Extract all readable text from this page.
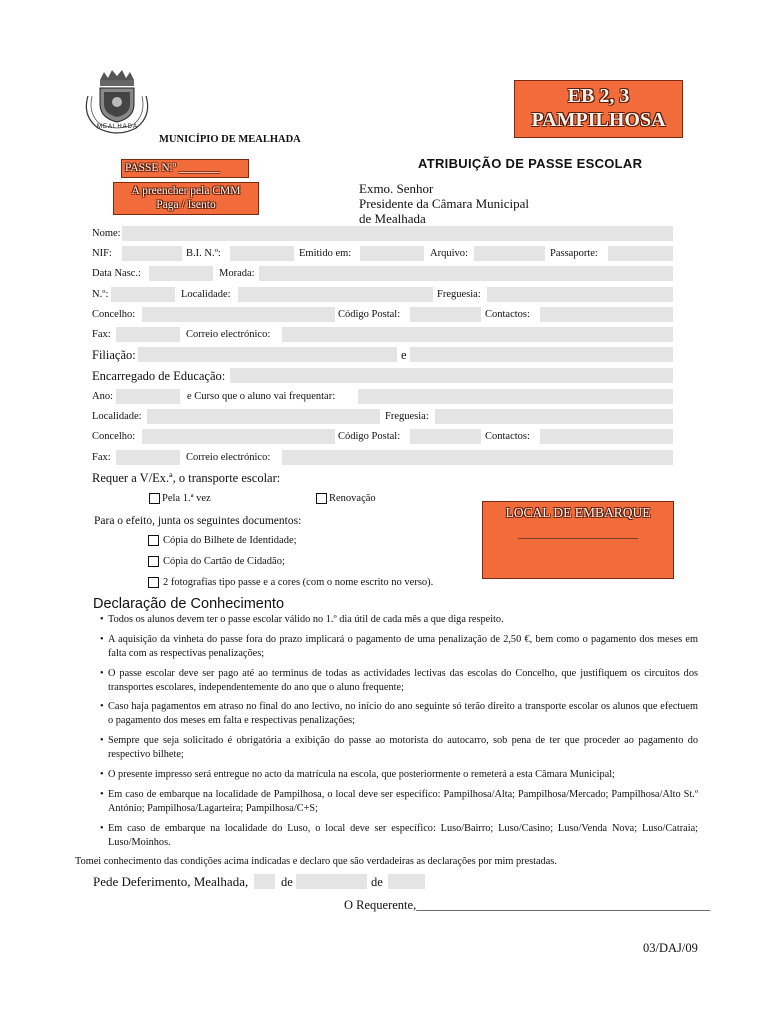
MEALHADA
MUNICÍPIO DE MEALHADA
EB 2, 3
PAMPILHOSA
ATRIBUIÇÃO DE PASSE ESCOLAR
PASSE N.º _______
A preencher pela CMM
Paga / Isento
Exmo. Senhor
Presidente da Câmara Municipal
de Mealhada
Nome:
NIF:	B.I. N.º:	Emitido em:	Arquivo:	Passaporte:
Data Nasc.:	Morada:
N.º:	Localidade:	Freguesia:
Concelho:	Código Postal:	Contactos:
Fax:	Correio electrónico:
Filiação:	e
Encarregado de Educação:
Ano:	e Curso que o aluno vai frequentar:
Localidade:	Freguesia:
Concelho:	Código Postal:	Contactos:
Fax:	Correio electrónico:
Requer a V/Ex.ª, o transporte escolar:
Pela 1.ª vez	Renovação
Para o efeito, junta os seguintes documentos:
Cópia do Bilhete de Identidade;
Cópia do Cartão de Cidadão;
2 fotografias tipo passe e a cores (com o nome escrito no verso).
LOCAL DE EMBARQUE
____________________
Declaração de Conhecimento
• Todos os alunos devem ter o passe escolar válido no 1.º dia útil de cada mês a que diga respeito.
• A aquisição da vinheta do passe fora do prazo implicará o pagamento de uma penalização de 2,50 €, bem como o pagamento dos meses em falta com as respectivas penalizações;
• O passe escolar deve ser pago até ao terminus de todas as actividades lectivas das escolas do Concelho, que justifiquem os circuitos dos transportes escolares, independentemente do ano que o aluno frequente;
• Caso haja pagamentos em atraso no final do ano lectivo, no início do ano seguinte só terão direito a transporte escolar os alunos que efectuem o pagamento dos meses em falta e respectivas penalizações;
• Sempre que seja solicitado é obrigatória a exibição do passe ao motorista do autocarro, sob pena de ter que proceder ao pagamento do respectivo bilhete;
• O presente impresso será entregue no acto da matrícula na escola, que posteriormente o remeterá a esta Câmara Municipal;
• Em caso de embarque na localidade de Pampilhosa, o local deve ser específico: Pampilhosa/Alta; Pampilhosa/Mercado; Pampilhosa/Alto St.º António; Pampilhosa/Lagarteira; Pampilhosa/C+S;
• Em caso de embarque na localidade do Luso, o local deve ser específico: Luso/Bairro; Luso/Casino; Luso/Venda Nova; Luso/Catraia; Luso/Moinhos.
Tomei conhecimento das condições acima indicadas e declaro que são verdadeiras as declarações por mim prestadas.
Pede Deferimento, Mealhada,	de	de
O Requerente,_______________________________________________
03/DAJ/09
